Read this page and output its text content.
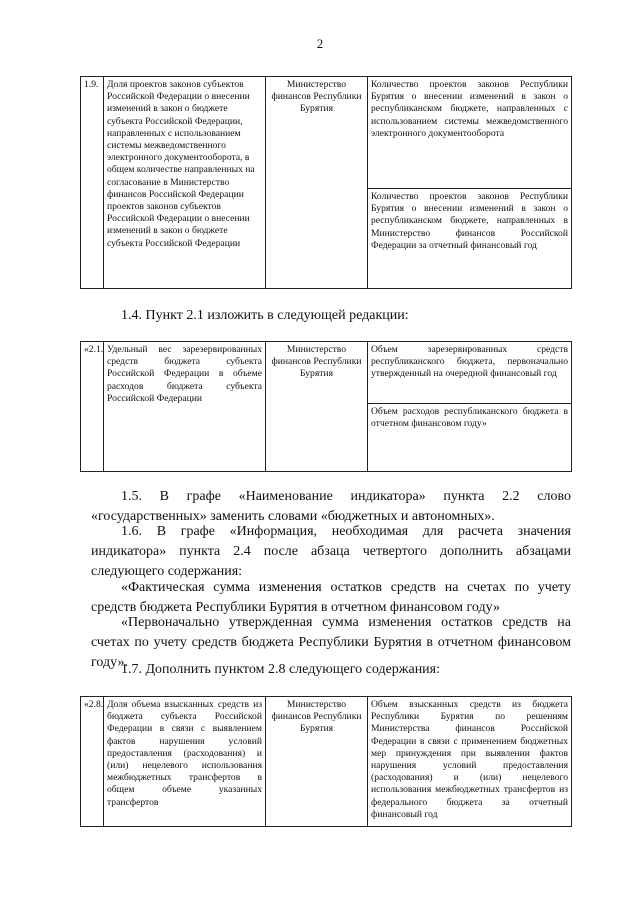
2
1.9.	Доля проектов законов субъектов Российской Федерации о внесении изменений в закон о бюджете субъекта Российской Федерации, направленных с использованием системы межведомственного электронного документооборота, в общем количестве направленных на согласование в Министерство финансов Российской Федерации проектов законов субъектов Российской Федерации о внесении изменений в закон о бюджете субъекта Российской Федерации	Министерство финансов Республики Бурятия	Количество проектов законов Республики Бурятия о внесении изменений в закон о республиканском бюджете, направленных с использованием системы межведомственного электронного документооборота
Количество проектов законов Республики Бурятия о внесении изменений в закон о республиканском бюджете, направленных в Министерство финансов Российской Федерации за отчетный финансовый год
1.4. Пункт 2.1 изложить в следующей редакции:
«2.1.	Удельный вес зарезервированных средств бюджета субъекта Российской Федерации в объеме расходов бюджета субъекта Российской Федерации	Министерство финансов Республики Бурятия	Объем зарезервированных средств республиканского бюджета, первоначально утвержденный на очередной финансовый год
Объем расходов республиканского бюджета в отчетном финансовом году»
1.5. В графе «Наименование индикатора» пункта 2.2 слово «государственных» заменить словами «бюджетных и автономных».
1.6. В графе «Информация, необходимая для расчета значения индикатора» пункта 2.4 после абзаца четвертого дополнить абзацами следующего содержания:
«Фактическая сумма изменения остатков средств на счетах по учету средств бюджета Республики Бурятия в отчетном финансовом году»
«Первоначально утвержденная сумма изменения остатков средств на счетах по учету средств бюджета Республики Бурятия в отчетном финансовом году».
1.7. Дополнить пунктом 2.8 следующего содержания:
«2.8.	Доля объема взысканных средств из бюджета субъекта Российской Федерации в связи с выявлением фактов нарушения условий предоставления (расходования) и (или) нецелевого использования межбюджетных трансфертов в общем объеме указанных трансфертов	Министерство финансов Республики Бурятия	Объем взысканных средств из бюджета Республики Бурятия по решениям Министерства финансов Российской Федерации в связи с применением бюджетных мер принуждения при выявлении фактов нарушения условий предоставления (расходования) и (или) нецелевого использования межбюджетных трансфертов из федерального бюджета за отчетный финансовый год
